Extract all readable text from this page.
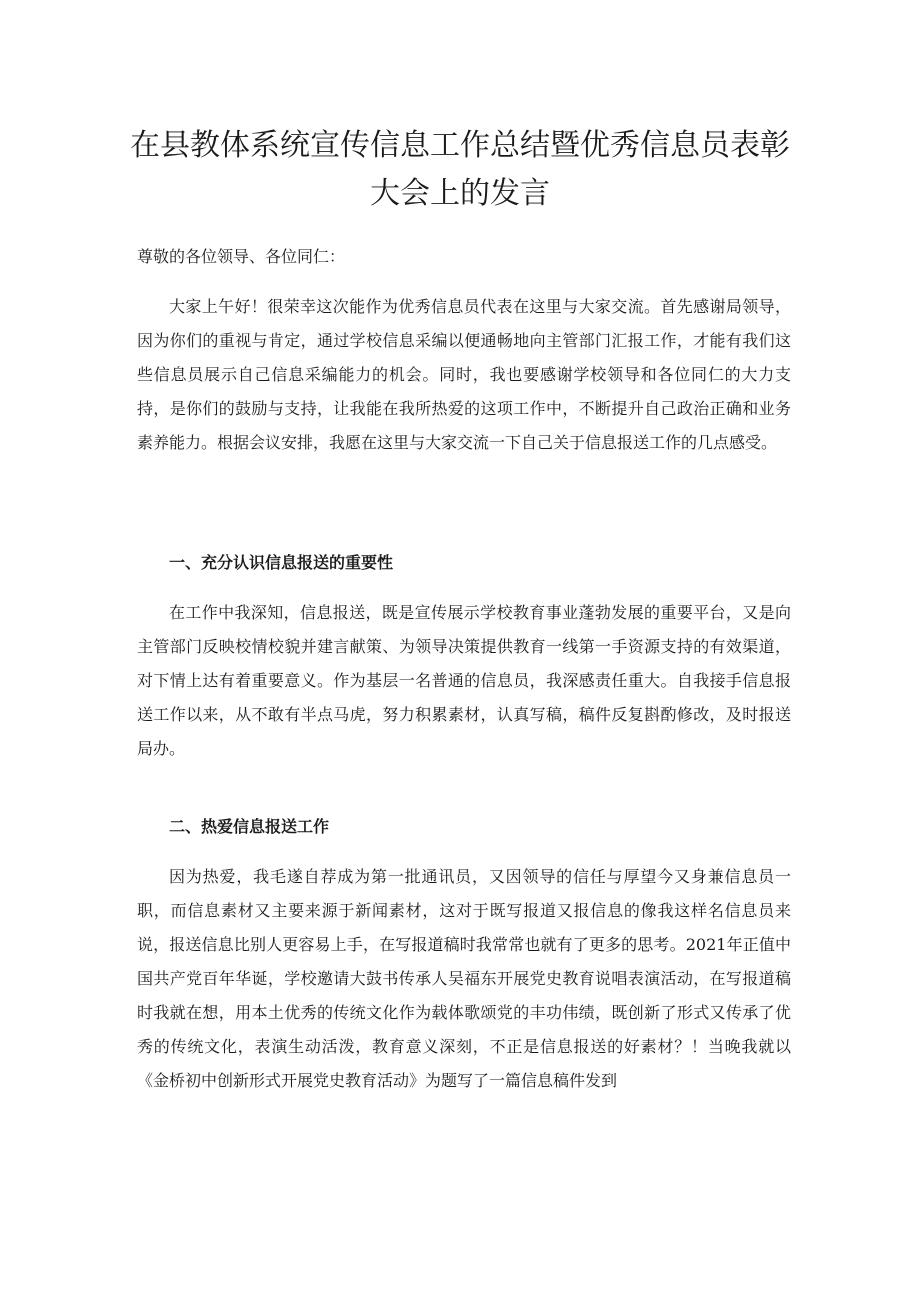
在县教体系统宣传信息工作总结暨优秀信息员表彰大会上的发言

尊敬的各位领导、各位同仁：

大家上午好！很荣幸这次能作为优秀信息员代表在这里与大家交流。首先感谢局领导，因为你们的重视与肯定，通过学校信息采编以便通畅地向主管部门汇报工作，才能有我们这些信息员展示自己信息采编能力的机会。同时，我也要感谢学校领导和各位同仁的大力支持，是你们的鼓励与支持，让我能在我所热爱的这项工作中，不断提升自己政治正确和业务素养能力。根据会议安排，我愿在这里与大家交流一下自己关于信息报送工作的几点感受。

一、充分认识信息报送的重要性

在工作中我深知，信息报送，既是宣传展示学校教育事业蓬勃发展的重要平台，又是向主管部门反映校情校貌并建言献策、为领导决策提供教育一线第一手资源支持的有效渠道，对下情上达有着重要意义。作为基层一名普通的信息员，我深感责任重大。自我接手信息报送工作以来，从不敢有半点马虎，努力积累素材，认真写稿，稿件反复斟酌修改，及时报送局办。

二、热爱信息报送工作

因为热爱，我毛遂自荐成为第一批通讯员，又因领导的信任与厚望今又身兼信息员一职，而信息素材又主要来源于新闻素材，这对于既写报道又报信息的像我这样名信息员来说，报送信息比别人更容易上手，在写报道稿时我常常也就有了更多的思考。2021年正值中国共产党百年华诞，学校邀请大鼓书传承人吴福东开展党史教育说唱表演活动，在写报道稿时我就在想，用本土优秀的传统文化作为载体歌颂党的丰功伟绩，既创新了形式又传承了优秀的传统文化，表演生动活泼，教育意义深刻，不正是信息报送的好素材？！当晚我就以《金桥初中创新形式开展党史教育活动》为题写了一篇信息稿件发到
